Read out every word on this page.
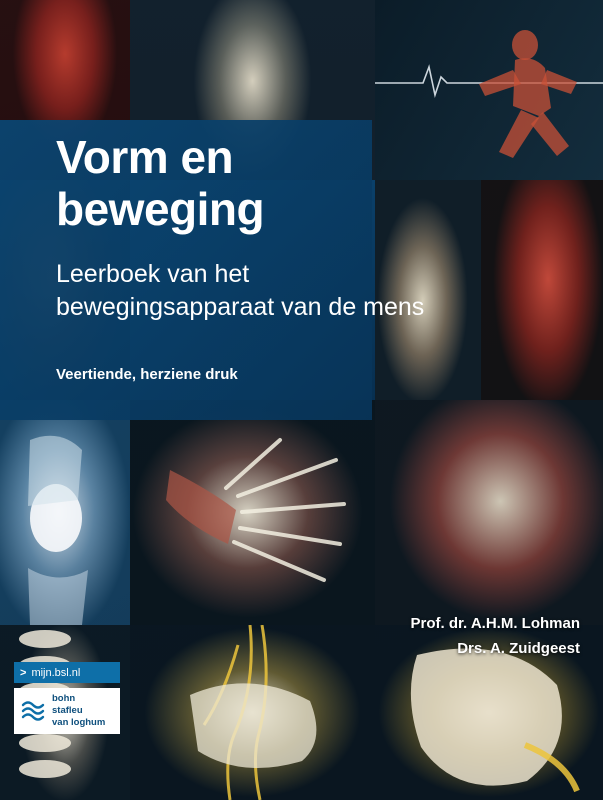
Vorm en
beweging
Leerboek van het
bewegingsapparaat van de mens
Veertiende, herziene druk
Prof. dr. A.H.M. Lohman
Drs. A. Zuidgeest
> mijn.bsl.nl
bohn
stafleu
van loghum
